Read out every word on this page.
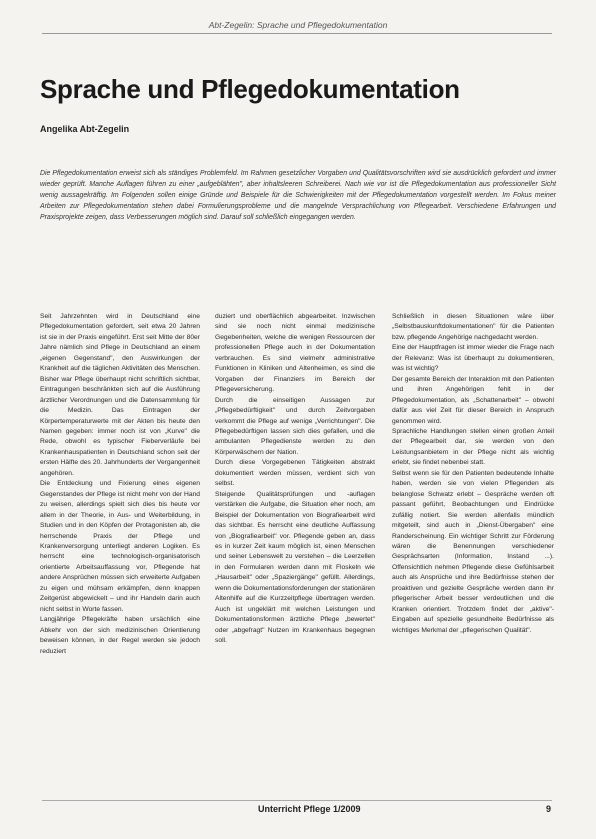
Abt-Zegelin: Sprache und Pflegedokumentation
Sprache und Pflegedokumentation
Angelika Abt-Zegelin
Die Pflegedokumentation erweist sich als ständiges Problemfeld. Im Rahmen gesetzlicher Vorgaben und Qualitätsvorschriften wird sie ausdrücklich gefordert und immer wieder geprüft. Manche Auflagen führen zu einer „aufgeblähten", aber inhaltsleeren Schreiberei. Nach wie vor ist die Pflegedokumentation aus professioneller Sicht wenig aussagekräftig. Im Folgenden sollen einige Gründe und Beispiele für die Schwierigkeiten mit der Pflegedokumentation vorgestellt werden. Im Fokus meiner Arbeiten zur Pflegedokumentation stehen dabei Formulierungsprobleme und die mangelnde Versprachlichung von Pflegearbeit. Verschiedene Erfahrungen und Praxisprojekte zeigen, dass Verbesserungen möglich sind. Darauf soll schließlich eingegangen werden.

Seit Jahrzehnten wird in Deutschland eine Pflegedokumentation gefordert, seit etwa 20 Jahren ist sie in der Praxis eingeführt. Erst seit Mitte der 80er Jahre nämlich sind Pflege in Deutschland an einem „eigenen Gegenstand", den Auswirkungen der Krankheit auf die täglichen Aktivitäten des Menschen. Bisher war Pflege überhaupt nicht schriftlich sichtbar, Eintragungen beschränkten sich auf die Ausführung ärztlicher Verordnungen und die Datensammlung für die Medizin. Das Eintragen der Körpertemperaturwerte mit der Akten bis heute den Namen gegeben: immer noch ist von „Kurve" die Rede, obwohl es typischer Fieberverläufe bei Krankenhauspatienten in Deutschland schon seit der ersten Hälfte des 20. Jahrhunderts der Vergangenheit angehören.

Die Entdeckung und Fixierung eines eigenen Gegenstandes der Pflege ist nicht mehr von der Hand zu weisen, allerdings spielt sich dies bis heute vor allem in der Theorie, in Aus- und Weiterbildung, in Studien und in den Köpfen der Protagonisten ab, die herrschende Praxis der Pflege und Krankenversorgung unterliegt anderen Logiken. Es herrscht eine technologisch-organisatorisch orientierte Arbeitsauffassung vor, Pflegende hat andere Ansprüchen müssen sich erweiterte Aufgaben zu eigen und mühsam erkämpfen, denn knappen Zeitgerüst abgewickelt – und ihr Handeln darin auch nicht selbst in Worte fassen.

Langjährige Pflegekräfte haben ursächlich eine Abkehr von der sich medizinischen Orientierung beweisen können, in der Regel werden sie jedoch reduziert

duziert und oberflächlich abgearbeitet. Inzwischen sind sie noch nicht einmal medizinische Gegebenheiten, welche die wenigen Ressourcen der professionellen Pflege auch in der Dokumentation verbrauchen. Es sind vielmehr administrative Funktionen in Kliniken und Altenheimen, es sind die Vorgaben der Finanziers im Bereich der Pflegeversicherung.

Durch die einseitigen Aussagen zur „Pflegebedürftigkeit" und durch Zeitvorgaben verkommt die Pflege auf wenige „Verrichtungen". Die Pflegebedürftigen lassen sich dies gefallen, und die ambulanten Pflegedienste werden zu den Körperwäschern der Nation.

Durch diese Vorgegebenen Tätigkeiten abstrakt dokumentiert werden müssen, verdient sich von selbst.

Steigende Qualitätsprüfungen und -auflagen verstärken die Aufgabe, die Situation eher noch, am Beispiel der Dokumentation von Biografiearbeit wird das sichtbar. Es herrscht eine deutliche Auffassung von „Biografiearbeit" vor. Pflegende geben an, dass es in kurzer Zeit kaum möglich ist, einen Menschen und seiner Lebenswelt zu verstehen – die Leerzellen in den Formularen werden dann mit Floskeln wie „Hausarbeit" oder „Spaziergänge" gefüllt. Allerdings, wenn die Dokumentationsforderungen der stationären Altenhilfe auf die Kurzzeitpflege übertragen werden. Auch ist ungeklärt mit welchen Leistungen und Dokumentationsformen ärztliche Pflege „bewertet" oder „abgefragt" Nutzen im Krankenhaus begegnen soll.

Schließlich in diesen Situationen wäre über „Selbstbauskunftdokumentationen" für die Patienten bzw. pflegende Angehörige nachgedacht werden.

Eine der Hauptfragen ist immer wieder die Frage nach der Relevanz: Was ist überhaupt zu dokumentieren, was ist wichtig?

Der gesamte Bereich der Interaktion mit den Patienten und ihren Angehörigen fehlt in der Pflegedokumentation, als „Schattenarbeit" – obwohl dafür aus viel Zeit für dieser Bereich in Anspruch genommen wird.

Sprachliche Handlungen stellen einen großen Anteil der Pflegearbeit dar, sie werden von den Leistungsanbietern in der Pflege nicht als wichtig erlebt, sie findet nebenbei statt.

Selbst wenn sie für den Patienten bedeutende Inhalte haben, werden sie von vielen Pflegenden als belanglose Schwatz erlebt – Gespräche werden oft passant geführt, Beobachtungen und Eindrücke zufällig notiert. Sie werden allenfalls mündlich mitgeteilt, sind auch in „Dienst-Übergaben" eine Randerscheinung. Ein wichtiger Schritt zur Förderung wären die Benennungen verschiedener Gesprächsarten (Information, Instand ...). Offensichtlich nehmen Pflegende diese Gefühlsarbeit auch als Ansprüche und ihre Bedürfnisse stehen der proaktiven und gezielte Gespräche werden dann ihr pflegerischer Arbeit besser verdeutlichen und die Kranken orientiert. Trotzdem findet der „aktive"-Eingaben auf spezielle gesundheite Bedürfnisse als wichtiges Merkmal der „pflegerischen Qualität".

Unterricht Pflege 1/2009	9
